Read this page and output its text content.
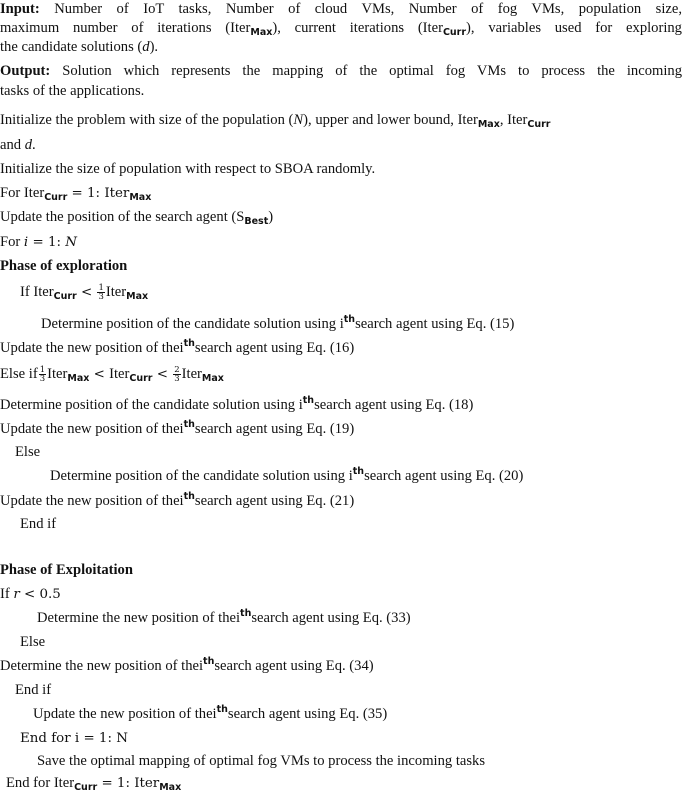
Input: Number of IoT tasks, Number of cloud VMs, Number of fog VMs, population size,
maximum number of iterations (Iter$_{Max}$), current iterations (Iter$_{Curr}$), variables used for exploring
the candidate solutions (d).
Output: Solution which represents the mapping of the optimal fog VMs to process the incoming
tasks of the applications.
Initialize the problem with size of the population (N), upper and lower bound, Iter$_{Max}$, Iter$_{Curr}$
and d.
Initialize the size of population with respect to SBOA randomly.
For Iter$_{Curr}$ = 1: Iter$_{Max}$
Update the position of the search agent $(S_{Best})$
For i = 1: N
Phase of exploration
If Iter$_{Curr}$ < $\frac{1}{3}$ Iter$_{Max}$
Determine position of the candidate solution using $i^{th}search$ agent using Eq. (15)
Update the new position of thei$^{th}$search agent using Eq. (16)
Else if $\frac{1}{3}$ Iter$_{Max}$ < Iter$_{Curr}$ < $\frac{2}{3}$ Iter$_{Max}$
Determine position of the candidate solution using $i^{th}search$ agent using Eq. (18)
Update the new position of thei$^{th}$search agent using Eq. (19)
Else
Determine position of the candidate solution using $i^{th}search$ agent using Eq. (20)
Update the new position of thei$^{th}$search agent using Eq. (21)
End if
Phase of Exploitation
If r < 0.5
Determine the new position of thei$^{th}$search agent using Eq. (33)
Else
Determine the new position of thei$^{th}$search agent using Eq. (34)
End if
Update the new position of thei$^{th}$search agent using Eq. (35)
End for i = 1: N
Save the optimal mapping of optimal fog VMs to process the incoming tasks
End for Iter$_{Curr}$ = 1: Iter$_{Max}$
